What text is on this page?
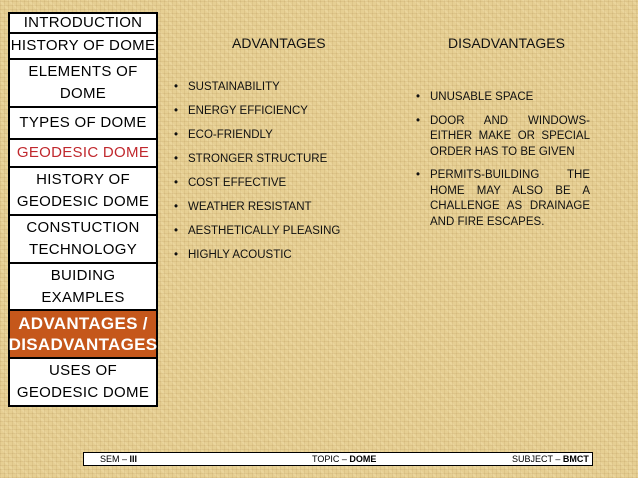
INTRODUCTION
HISTORY OF DOME
ELEMENTS OF DOME
TYPES OF DOME
GEODESIC DOME
HISTORY OF GEODESIC DOME
CONSTUCTION TECHNOLOGY
BUIDING EXAMPLES
ADVANTAGES / DISADVANTAGES
USES OF GEODESIC DOME
ADVANTAGES	DISADVANTAGES
• SUSTAINABILITY
• ENERGY EFFICIENCY
• ECO-FRIENDLY
• STRONGER STRUCTURE
• COST EFFECTIVE
• WEATHER RESISTANT
• AESTHETICALLY PLEASING
• HIGHLY ACOUSTIC
• UNUSABLE SPACE
• DOOR AND WINDOWS- EITHER MAKE OR SPECIAL ORDER HAS TO BE GIVEN
• PERMITS-BUILDING THE HOME MAY ALSO BE A CHALLENGE AS DRAINAGE AND FIRE ESCAPES.
SEM – III	TOPIC – DOME	SUBJECT – BMCT
